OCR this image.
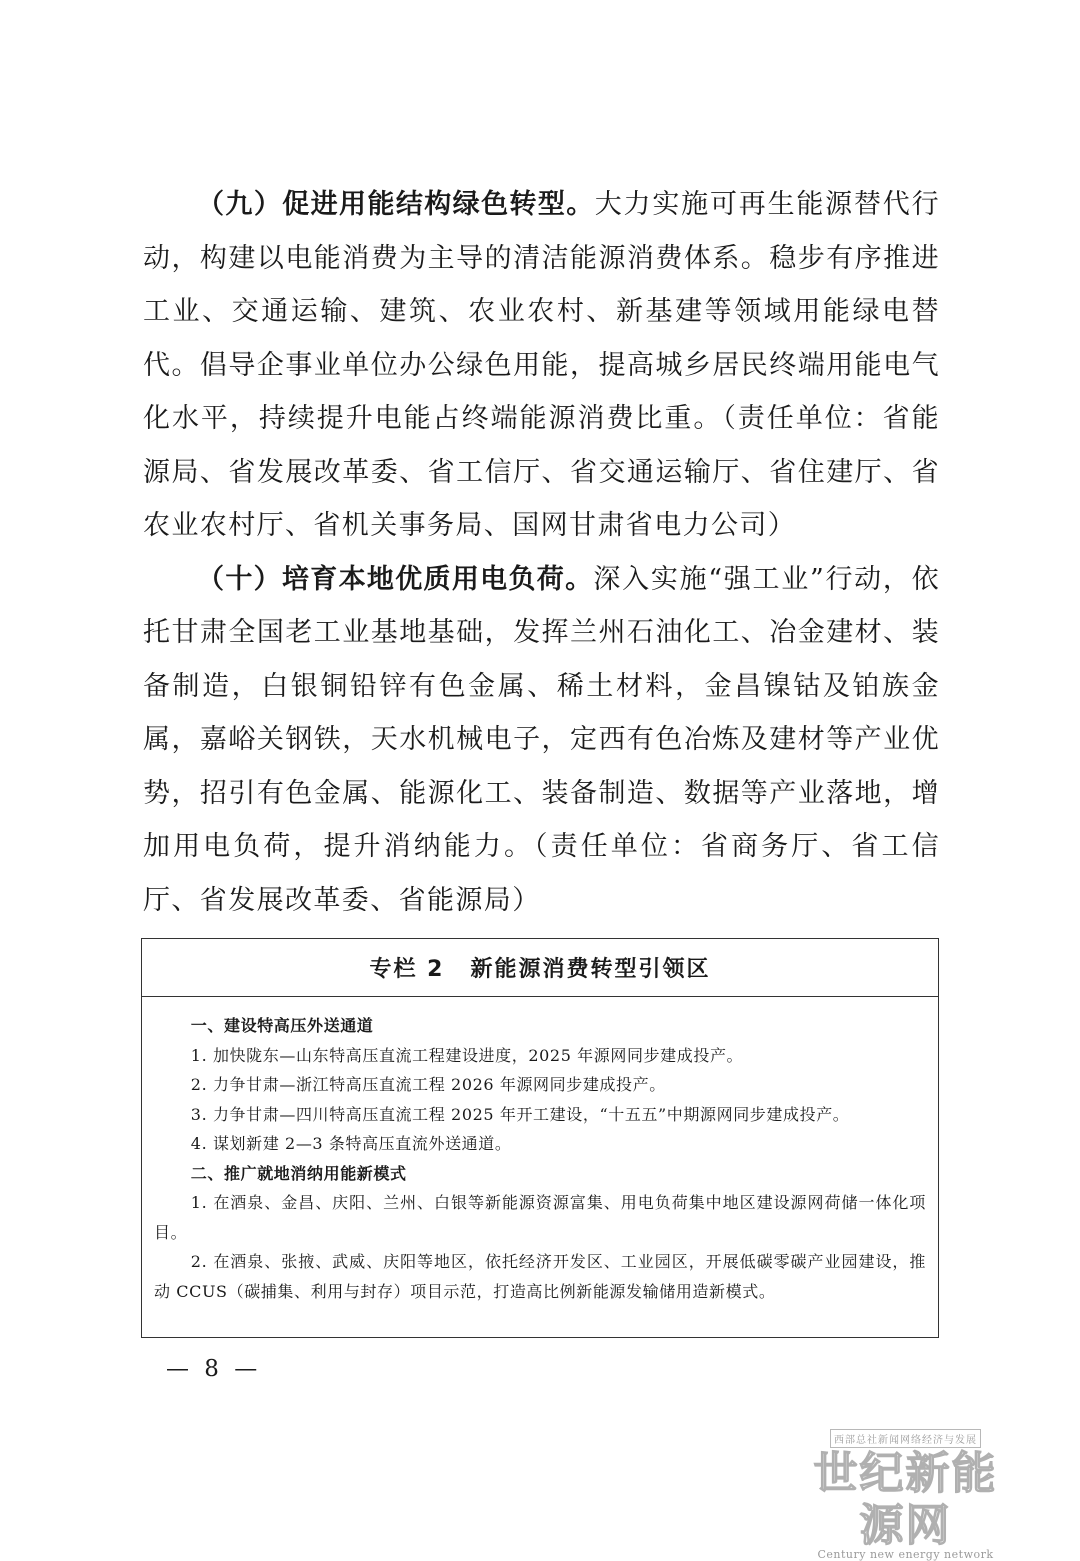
（九）促进用能结构绿色转型。大力实施可再生能源替代行动，构建以电能消费为主导的清洁能源消费体系。稳步有序推进工业、交通运输、建筑、农业农村、新基建等领域用能绿电替代。倡导企事业单位办公绿色用能，提高城乡居民终端用能电气化水平，持续提升电能占终端能源消费比重。（责任单位：省能源局、省发展改革委、省工信厅、省交通运输厅、省住建厅、省农业农村厅、省机关事务局、国网甘肃省电力公司）

（十）培育本地优质用电负荷。深入实施“强工业”行动，依托甘肃全国老工业基地基础，发挥兰州石油化工、冶金建材、装备制造，白银铜铅锌有色金属、稀土材料，金昌镍钴及铂族金属，嘉峪关钢铁，天水机械电子，定西有色冶炼及建材等产业优势，招引有色金属、能源化工、装备制造、数据等产业落地，增加用电负荷，提升消纳能力。（责任单位：省商务厅、省工信厅、省发展改革委、省能源局）

专栏 2 新能源消费转型引领区
一、建设特高压外送通道
1. 加快陇东—山东特高压直流工程建设进度，2025 年源网同步建成投产。
2. 力争甘肃—浙江特高压直流工程 2026 年源网同步建成投产。
3. 力争甘肃—四川特高压直流工程 2025 年开工建设，“十五五”中期源网同步建成投产。
4. 谋划新建 2—3 条特高压直流外送通道。
二、推广就地消纳用能新模式
1. 在酒泉、金昌、庆阳、兰州、白银等新能源资源富集、用电负荷集中地区建设源网荷储一体化项目。
2. 在酒泉、张掖、武威、庆阳等地区，依托经济开发区、工业园区，开展低碳零碳产业园建设，推动 CCUS（碳捕集、利用与封存）项目示范，打造高比例新能源发输储用造新模式。
— 8 —
西部总社新闻网络经济与发展
世纪新能源网
Century new energy network
